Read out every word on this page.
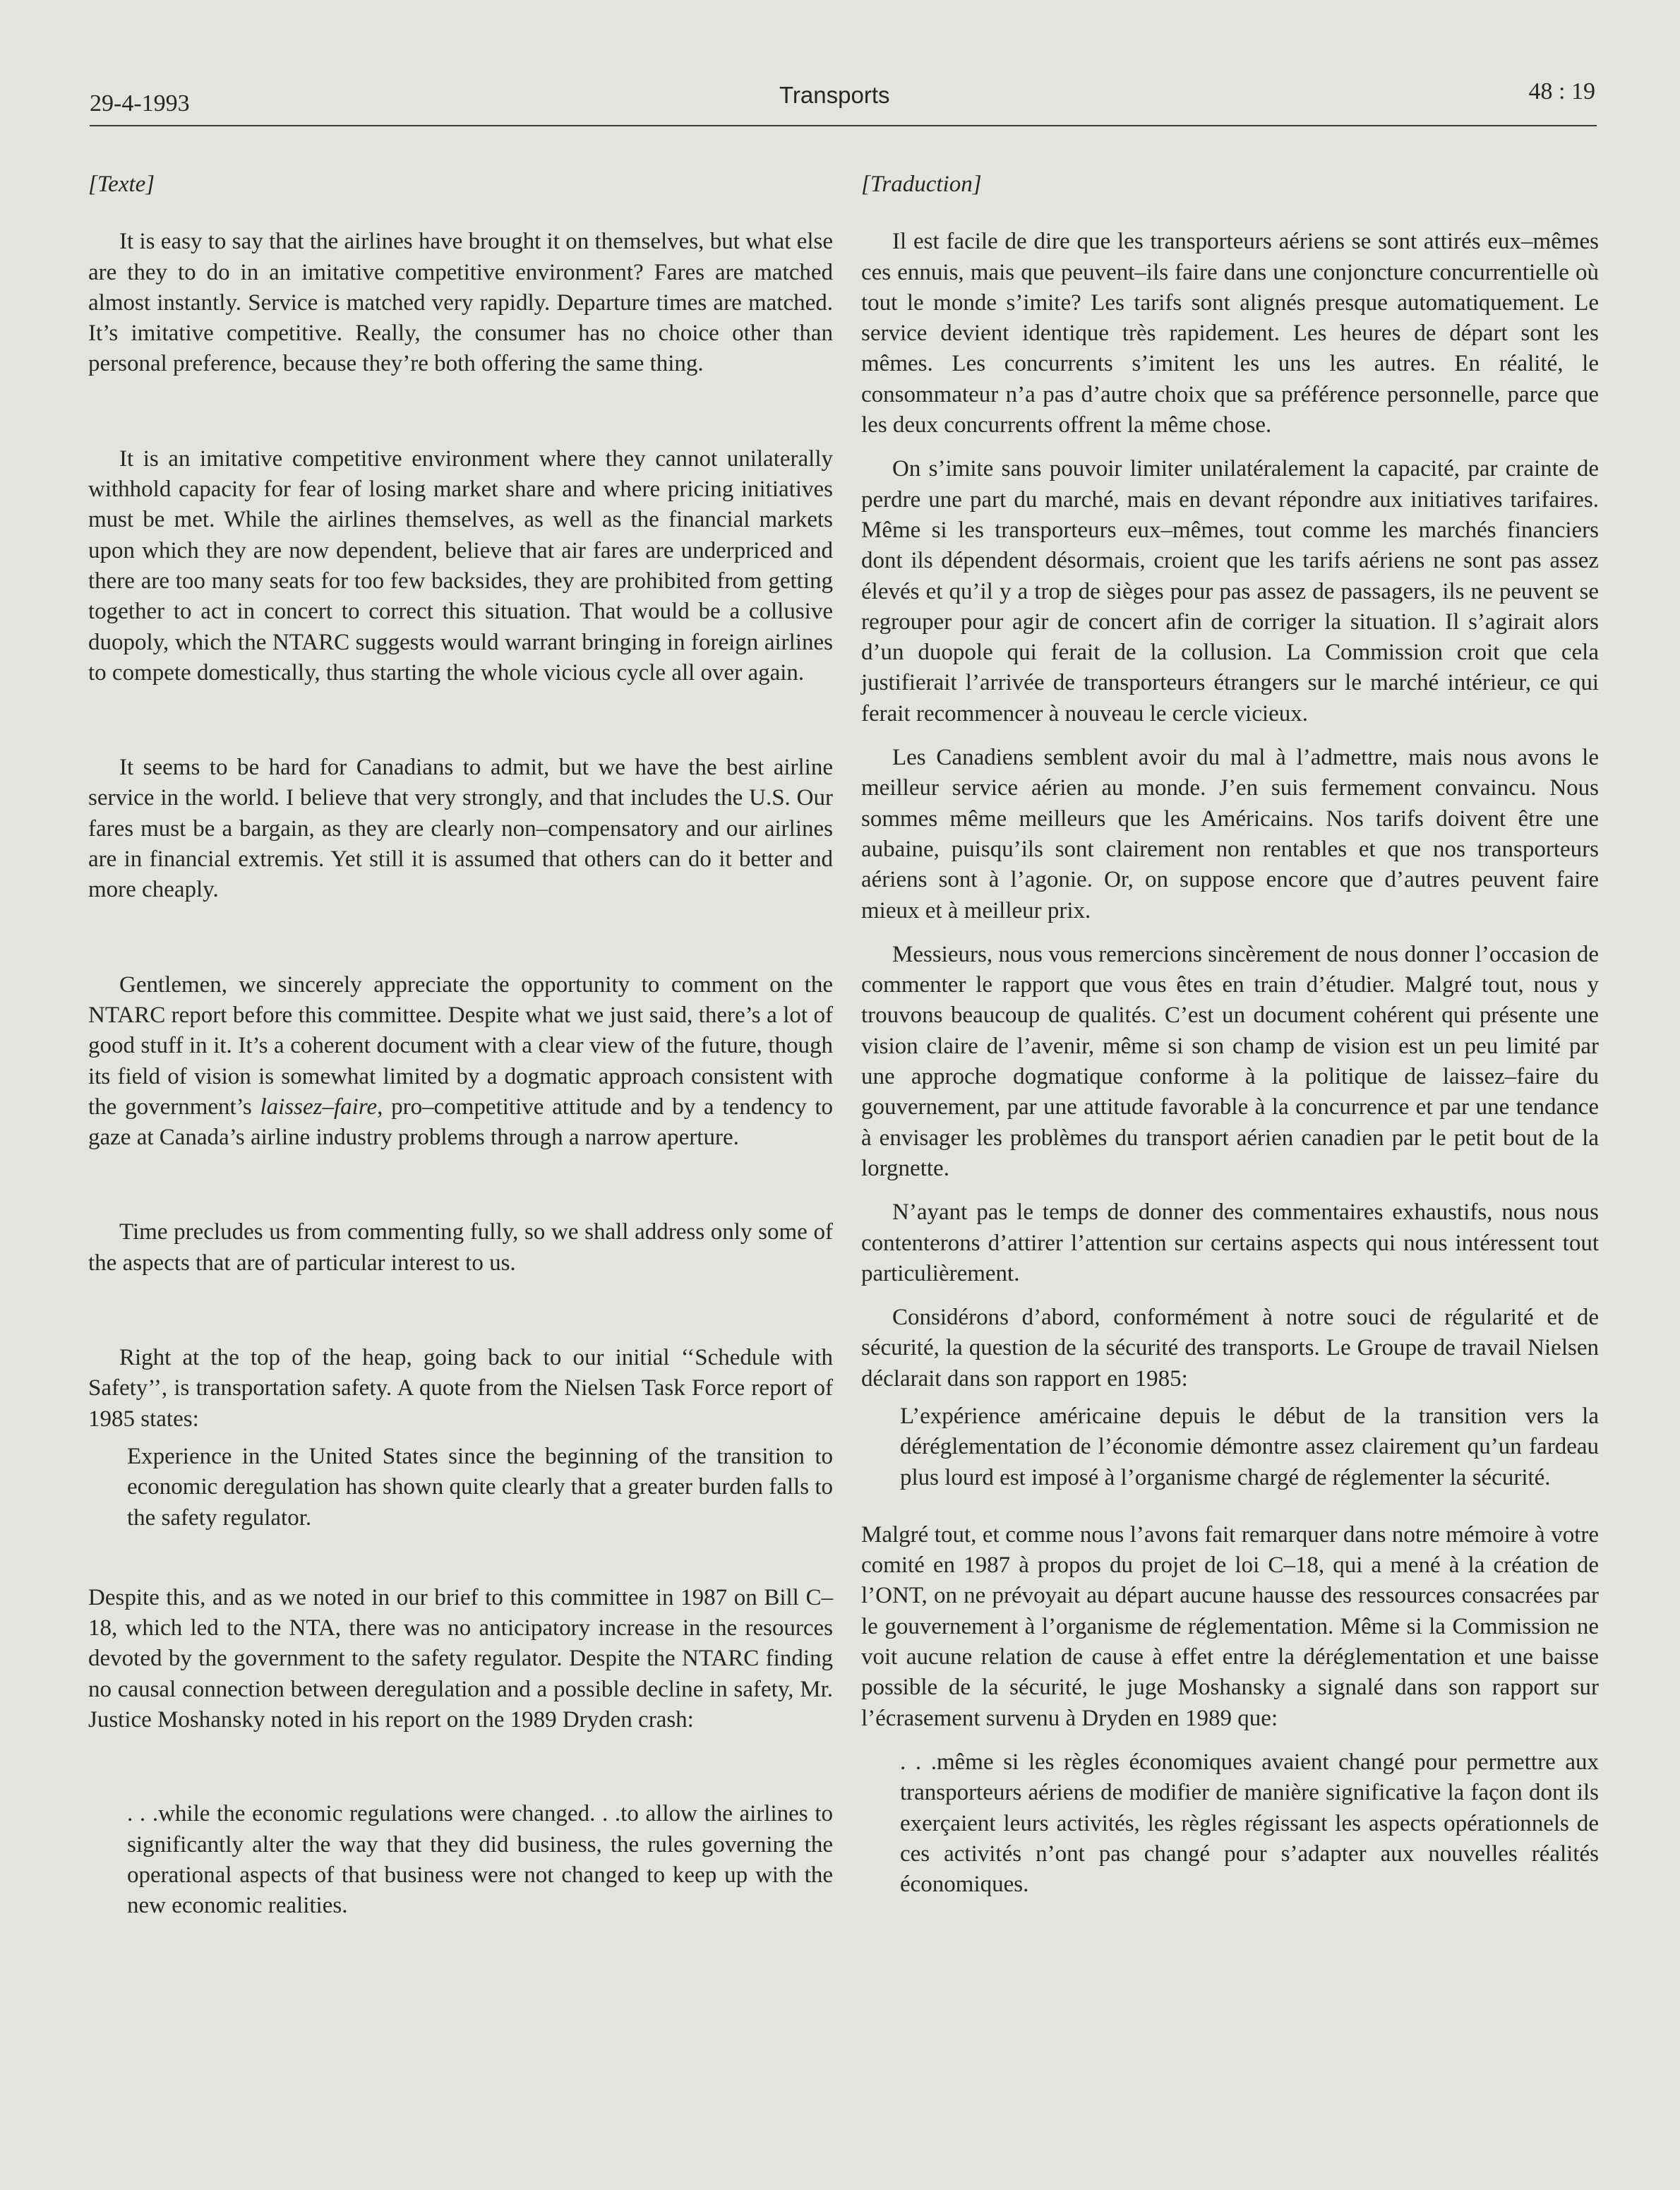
29-4-1993	Transports	48 : 19

[Texte]

It is easy to say that the airlines have brought it on themselves, but what else are they to do in an imitative competitive environment? Fares are matched almost instantly. Service is matched very rapidly. Departure times are matched. It’s imitative competitive. Really, the consumer has no choice other than personal preference, because they’re both offering the same thing.

It is an imitative competitive environment where they cannot unilaterally withhold capacity for fear of losing market share and where pricing initiatives must be met. While the airlines themselves, as well as the financial markets upon which they are now dependent, believe that air fares are underpriced and there are too many seats for too few backsides, they are prohibited from getting together to act in concert to correct this situation. That would be a collusive duopoly, which the NTARC suggests would warrant bringing in foreign airlines to compete domestically, thus starting the whole vicious cycle all over again.

It seems to be hard for Canadians to admit, but we have the best airline service in the world. I believe that very strongly, and that includes the U.S. Our fares must be a bargain, as they are clearly non–compensatory and our airlines are in financial extremis. Yet still it is assumed that others can do it better and more cheaply.

Gentlemen, we sincerely appreciate the opportunity to comment on the NTARC report before this committee. Despite what we just said, there’s a lot of good stuff in it. It’s a coherent document with a clear view of the future, though its field of vision is somewhat limited by a dogmatic approach consistent with the government’s laissez–faire, pro–competitive attitude and by a tendency to gaze at Canada’s airline industry problems through a narrow aperture.

Time precludes us from commenting fully, so we shall address only some of the aspects that are of particular interest to us.

Right at the top of the heap, going back to our initial ‘‘Schedule with Safety’’, is transportation safety. A quote from the Nielsen Task Force report of 1985 states:

Experience in the United States since the beginning of the transition to economic deregulation has shown quite clearly that a greater burden falls to the safety regulator.

Despite this, and as we noted in our brief to this committee in 1987 on Bill C–18, which led to the NTA, there was no anticipatory increase in the resources devoted by the government to the safety regulator. Despite the NTARC finding no causal connection between deregulation and a possible decline in safety, Mr. Justice Moshansky noted in his report on the 1989 Dryden crash:

. . .while the economic regulations were changed. . .to allow the airlines to significantly alter the way that they did business, the rules governing the operational aspects of that business were not changed to keep up with the new economic realities.

[Traduction]

Il est facile de dire que les transporteurs aériens se sont attirés eux–mêmes ces ennuis, mais que peuvent–ils faire dans une conjoncture concurrentielle où tout le monde s’imite? Les tarifs sont alignés presque automatiquement. Le service devient identique très rapidement. Les heures de départ sont les mêmes. Les concurrents s’imitent les uns les autres. En réalité, le consommateur n’a pas d’autre choix que sa préférence personnelle, parce que les deux concurrents offrent la même chose.

On s’imite sans pouvoir limiter unilatéralement la capacité, par crainte de perdre une part du marché, mais en devant répondre aux initiatives tarifaires. Même si les transporteurs eux–mêmes, tout comme les marchés financiers dont ils dépendent désormais, croient que les tarifs aériens ne sont pas assez élevés et qu’il y a trop de sièges pour pas assez de passagers, ils ne peuvent se regrouper pour agir de concert afin de corriger la situation. Il s’agirait alors d’un duopole qui ferait de la collusion. La Commission croit que cela justifierait l’arrivée de transporteurs étrangers sur le marché intérieur, ce qui ferait recommencer à nouveau le cercle vicieux.

Les Canadiens semblent avoir du mal à l’admettre, mais nous avons le meilleur service aérien au monde. J’en suis fermement convaincu. Nous sommes même meilleurs que les Américains. Nos tarifs doivent être une aubaine, puisqu’ils sont clairement non rentables et que nos transporteurs aériens sont à l’agonie. Or, on suppose encore que d’autres peuvent faire mieux et à meilleur prix.

Messieurs, nous vous remercions sincèrement de nous donner l’occasion de commenter le rapport que vous êtes en train d’étudier. Malgré tout, nous y trouvons beaucoup de qualités. C’est un document cohérent qui présente une vision claire de l’avenir, même si son champ de vision est un peu limité par une approche dogmatique conforme à la politique de laissez–faire du gouvernement, par une attitude favorable à la concurrence et par une tendance à envisager les problèmes du transport aérien canadien par le petit bout de la lorgnette.

N’ayant pas le temps de donner des commentaires exhaustifs, nous nous contenterons d’attirer l’attention sur certains aspects qui nous intéressent tout particulièrement.

Considérons d’abord, conformément à notre souci de régularité et de sécurité, la question de la sécurité des transports. Le Groupe de travail Nielsen déclarait dans son rapport en 1985:

L’expérience américaine depuis le début de la transition vers la déréglementation de l’économie démontre assez clairement qu’un fardeau plus lourd est imposé à l’organisme chargé de réglementer la sécurité.

Malgré tout, et comme nous l’avons fait remarquer dans notre mémoire à votre comité en 1987 à propos du projet de loi C–18, qui a mené à la création de l’ONT, on ne prévoyait au départ aucune hausse des ressources consacrées par le gouvernement à l’organisme de réglementation. Même si la Commission ne voit aucune relation de cause à effet entre la déréglementation et une baisse possible de la sécurité, le juge Moshansky a signalé dans son rapport sur l’écrasement survenu à Dryden en 1989 que:

. . .même si les règles économiques avaient changé pour permettre aux transporteurs aériens de modifier de manière significative la façon dont ils exerçaient leurs activités, les règles régissant les aspects opérationnels de ces activités n’ont pas changé pour s’adapter aux nouvelles réalités économiques.
